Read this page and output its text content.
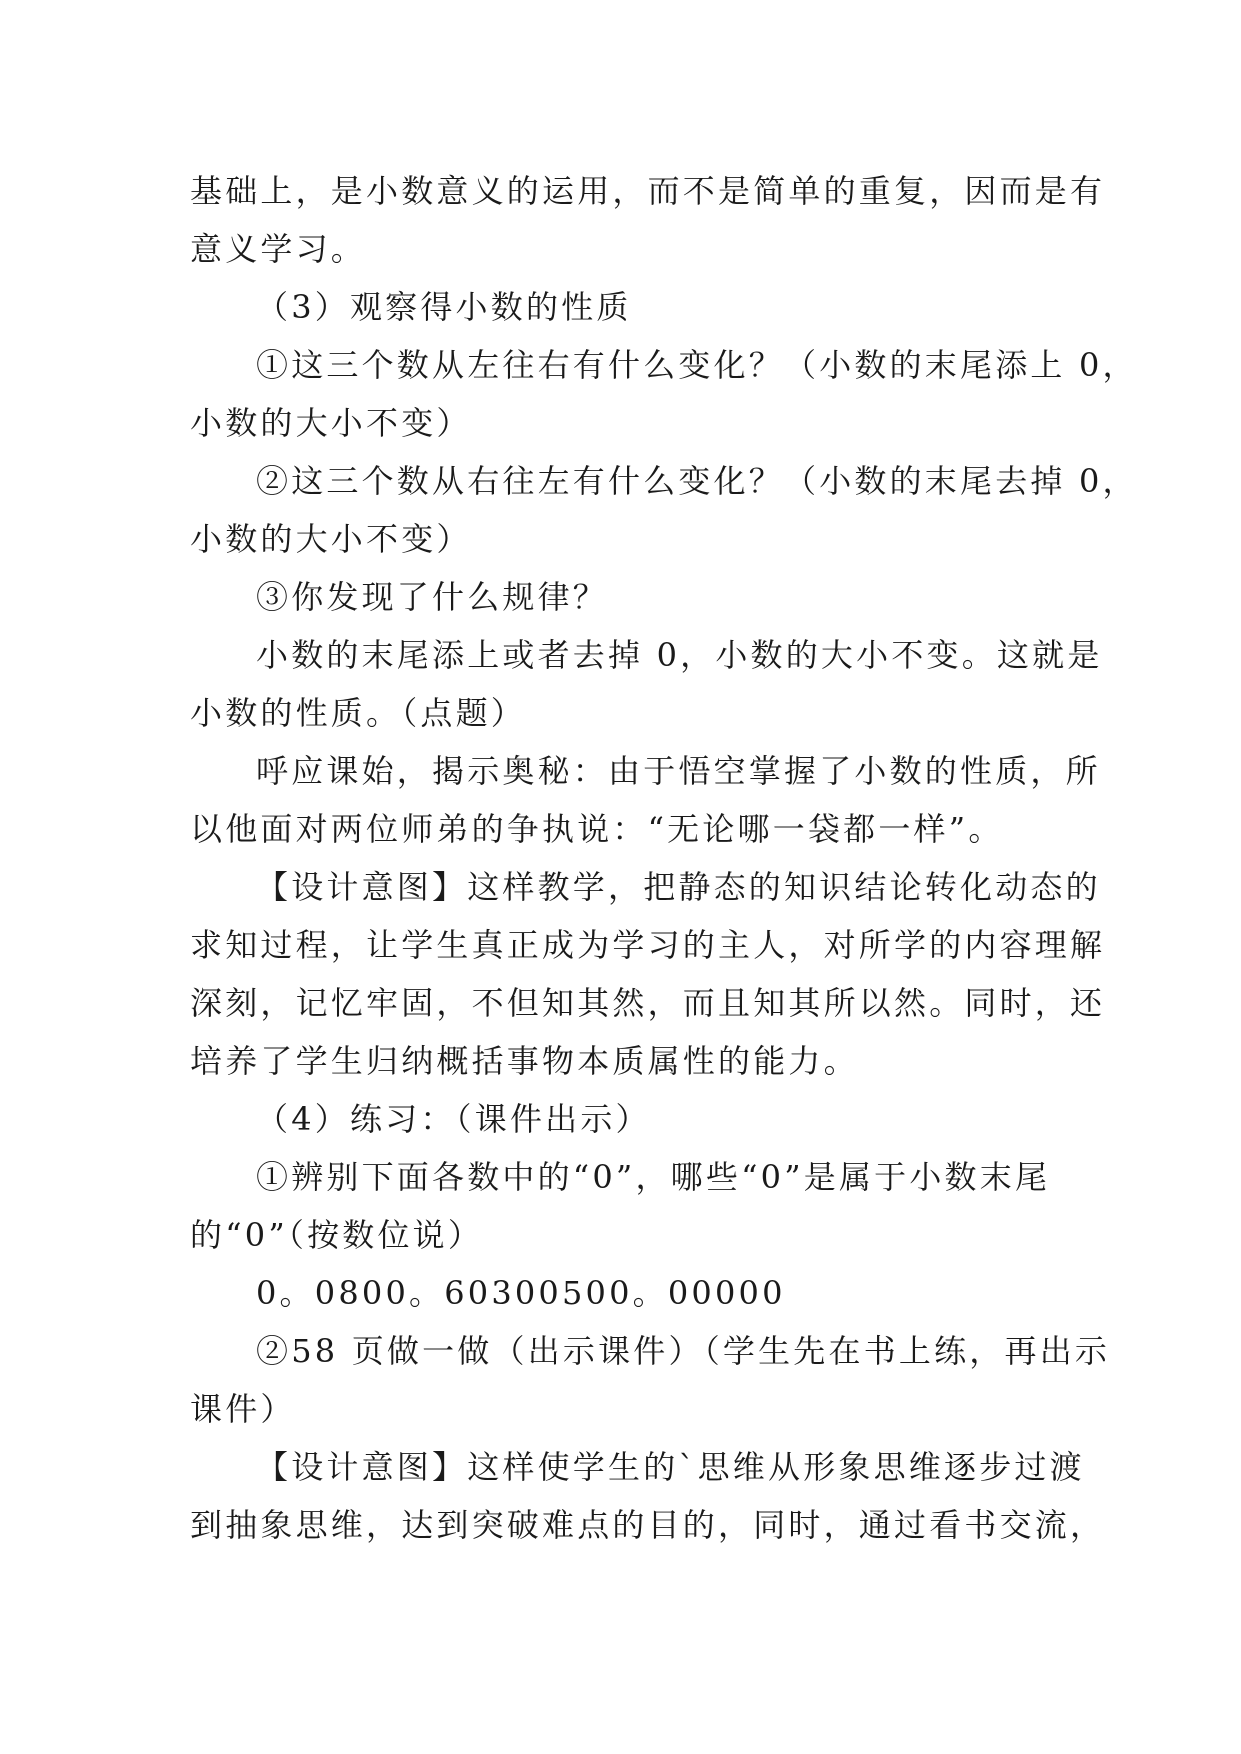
基础上，是小数意义的运用，而不是简单的重复，因而是有
意义学习。
（3）观察得小数的性质
①这三个数从左往右有什么变化？（小数的末尾添上 0，
小数的大小不变）
②这三个数从右往左有什么变化？（小数的末尾去掉 0，
小数的大小不变）
③你发现了什么规律？
小数的末尾添上或者去掉 0，小数的大小不变。这就是
小数的性质。（点题）
呼应课始，揭示奥秘：由于悟空掌握了小数的性质，所
以他面对两位师弟的争执说：“无论哪一袋都一样”。
【设计意图】这样教学，把静态的知识结论转化动态的
求知过程，让学生真正成为学习的主人，对所学的内容理解
深刻，记忆牢固，不但知其然，而且知其所以然。同时，还
培养了学生归纳概括事物本质属性的能力。
（4）练习：（课件出示）
①辨别下面各数中的“0”，哪些“0”是属于小数末尾
的“0”（按数位说）
0。0800。60300500。00000
②58 页做一做（出示课件）（学生先在书上练，再出示
课件）
【设计意图】这样使学生的`思维从形象思维逐步过渡
到抽象思维，达到突破难点的目的，同时，通过看书交流，
